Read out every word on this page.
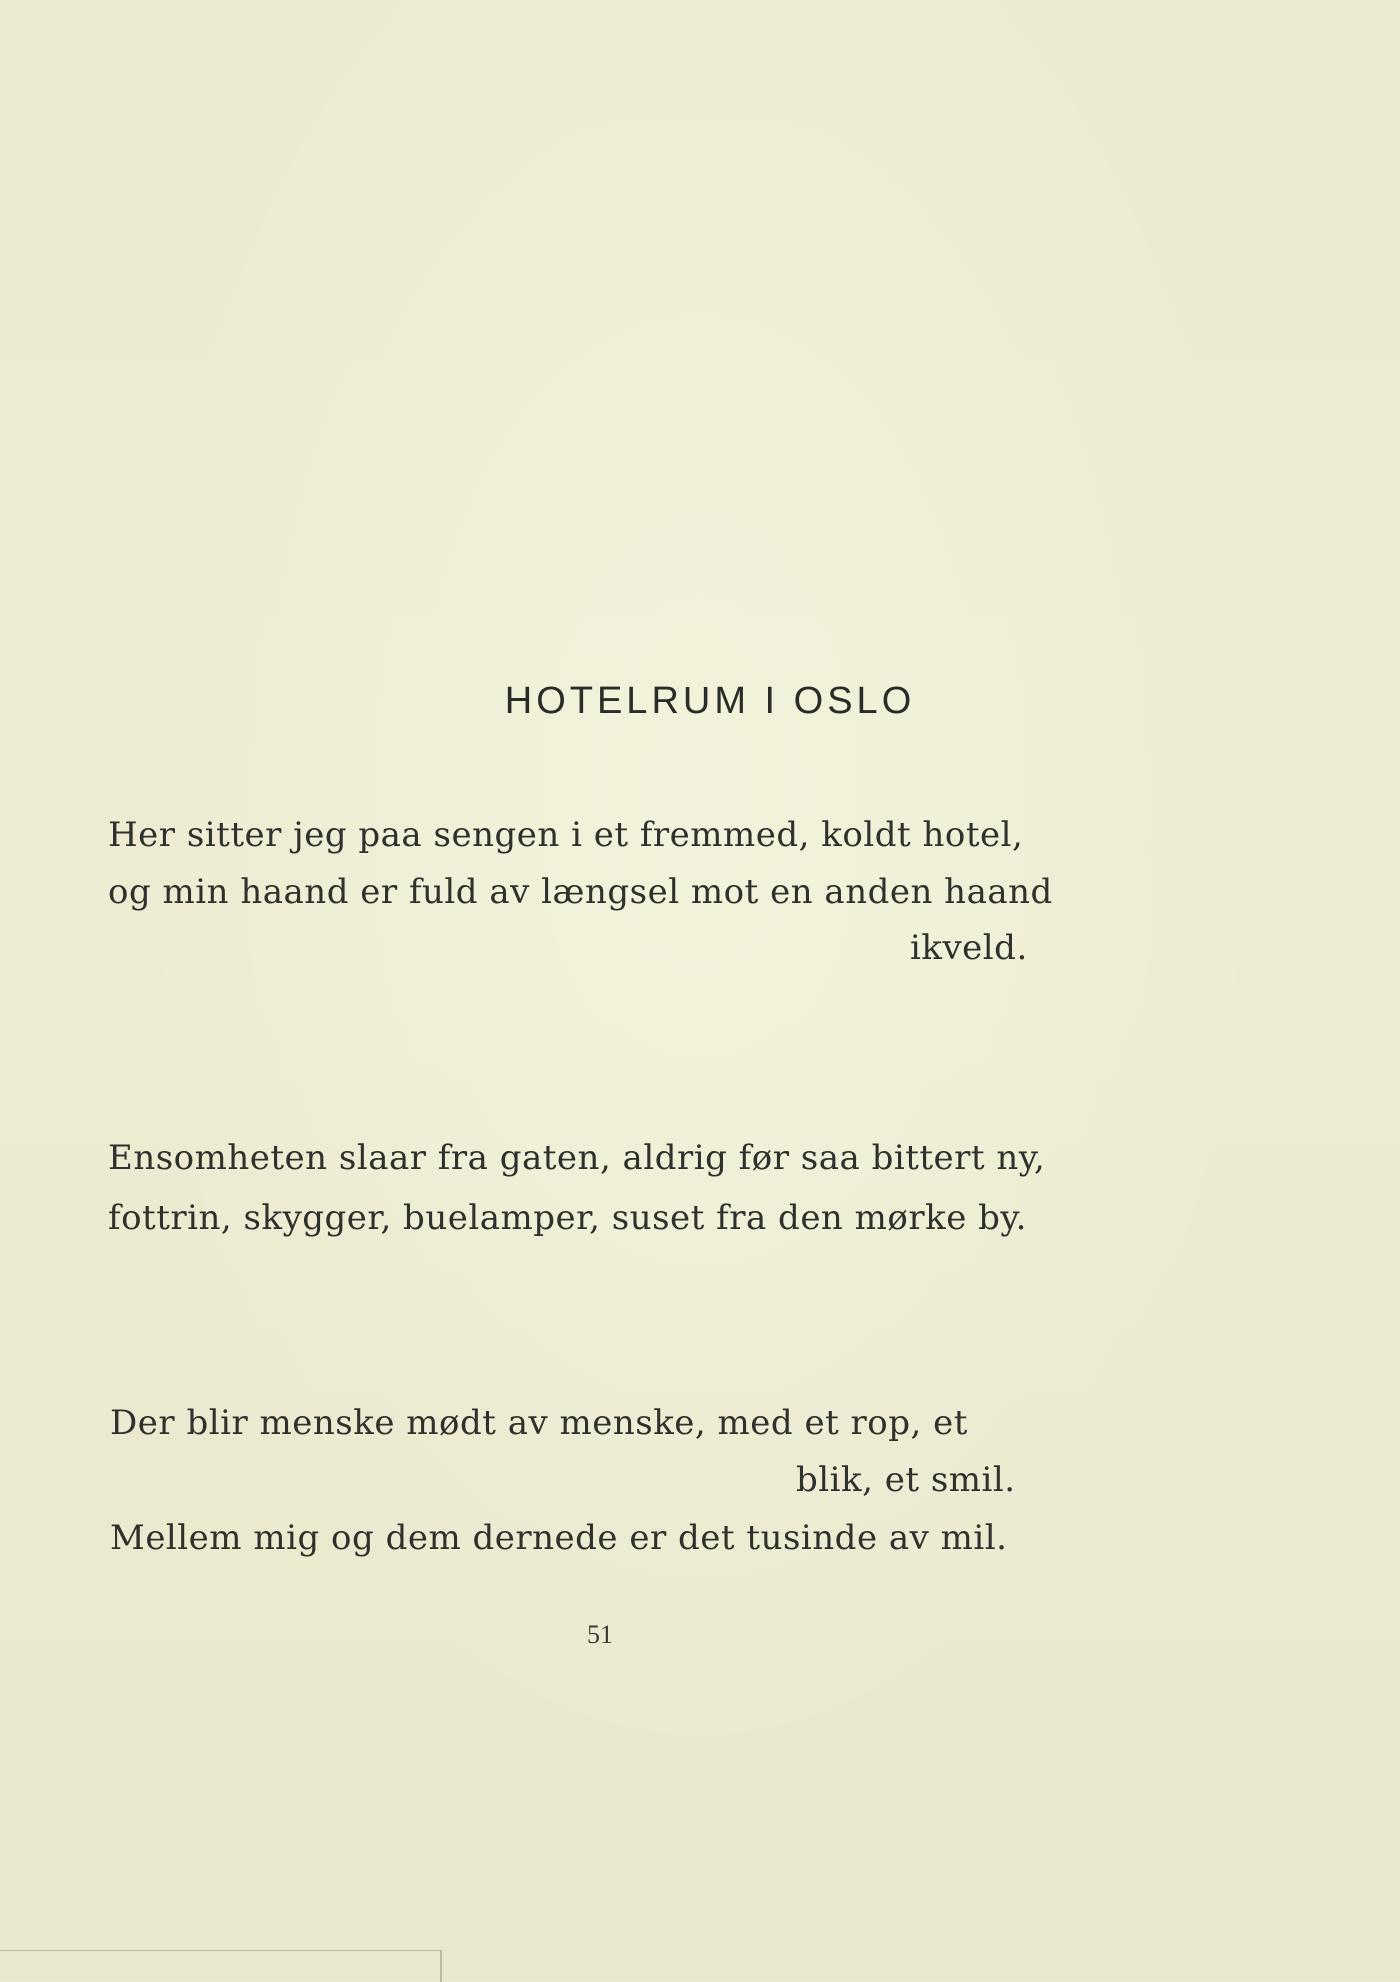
HOTELRUM I OSLO
Her sitter jeg paa sengen i et fremmed, koldt hotel,
og min haand er fuld av længsel mot en anden haand
ikveld.
Ensomheten slaar fra gaten, aldrig før saa bittert ny,
fottrin, skygger, buelamper, suset fra den mørke by.
Der blir menske mødt av menske, med et rop, et
blik, et smil.
Mellem mig og dem dernede er det tusinde av mil.
51
